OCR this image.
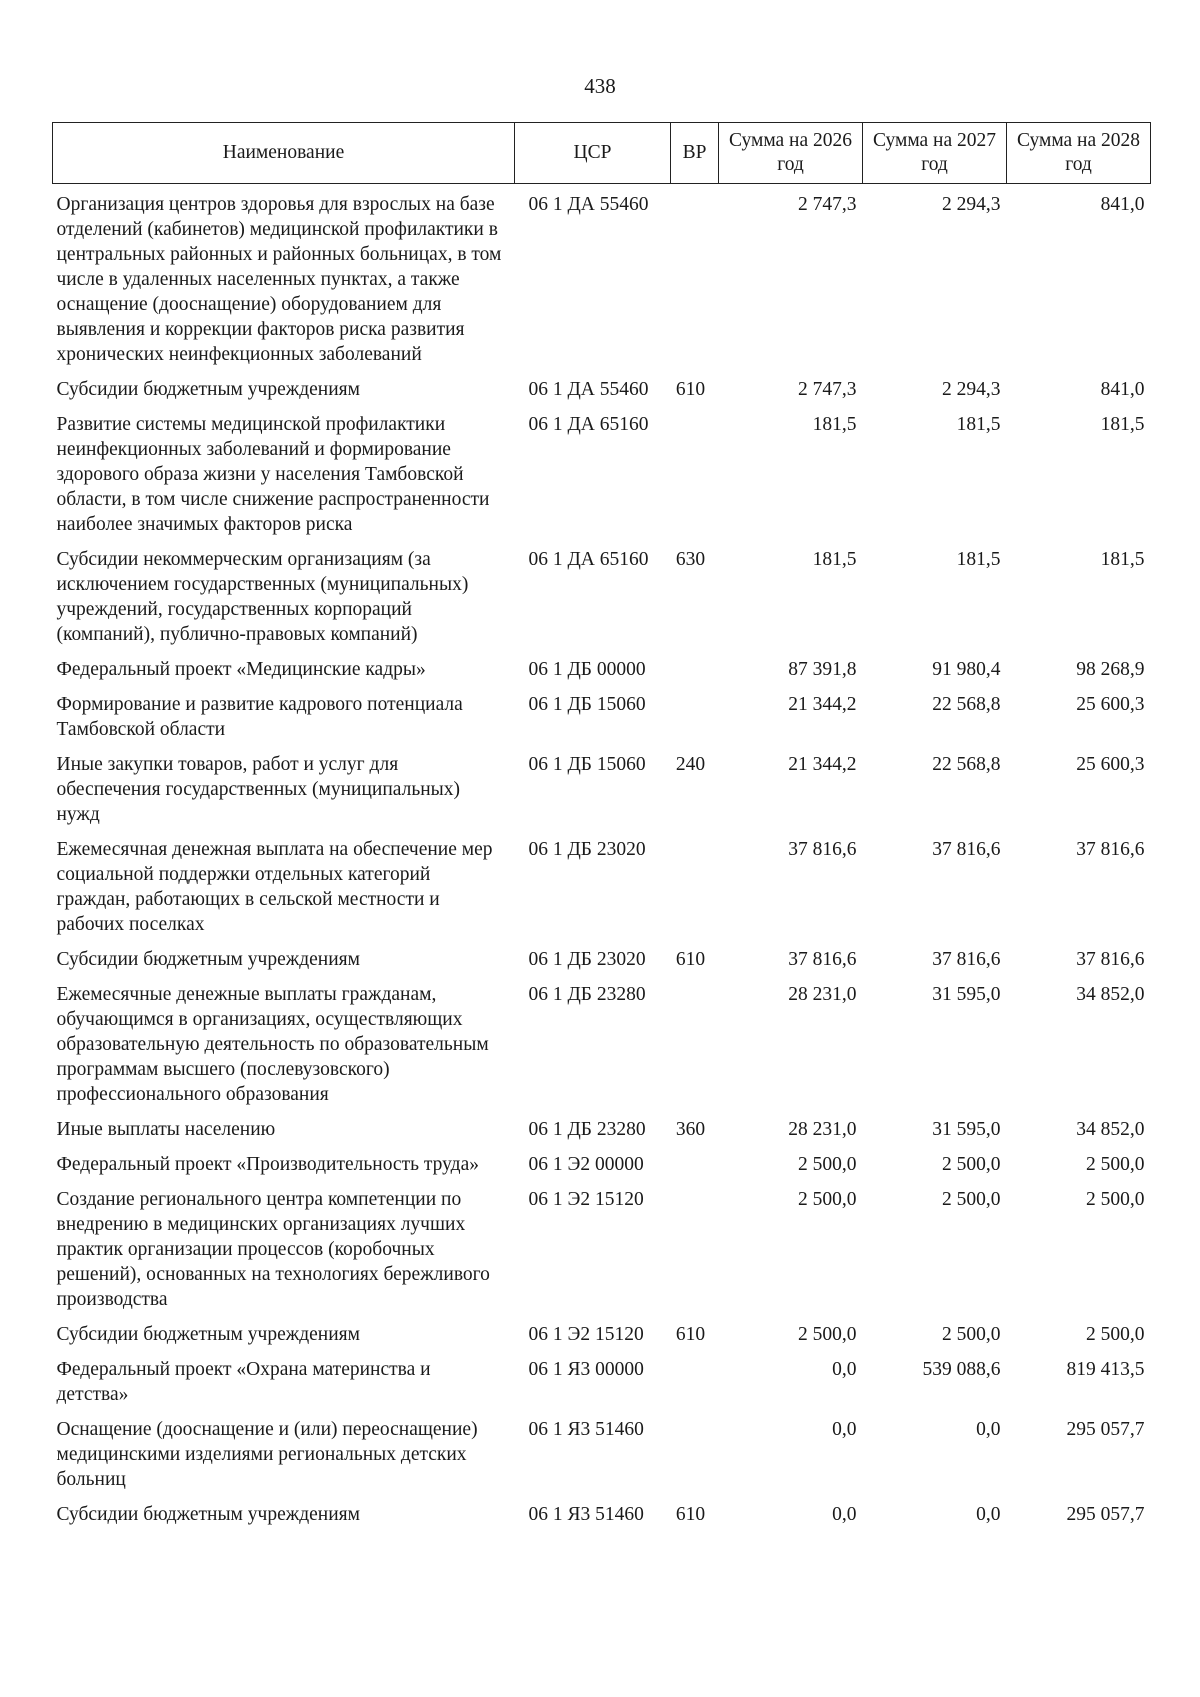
438
Наименование	ЦСР	ВР	Сумма на 2026 год	Сумма на 2027 год	Сумма на 2028 год
Организация центров здоровья для взрослых на базе отделений (кабинетов) медицинской профилактики в центральных районных и районных больницах, в том числе в удаленных населенных пунктах, а также оснащение (дооснащение) оборудованием для выявления и коррекции факторов риска развития хронических неинфекционных заболеваний	06 1 ДА 55460		2 747,3	2 294,3	841,0
Субсидии бюджетным учреждениям	06 1 ДА 55460	610	2 747,3	2 294,3	841,0
Развитие системы медицинской профилактики неинфекционных заболеваний и формирование здорового образа жизни у населения Тамбовской области, в том числе снижение распространенности наиболее значимых факторов риска	06 1 ДА 65160		181,5	181,5	181,5
Субсидии некоммерческим организациям (за исключением государственных (муниципальных) учреждений, государственных корпораций (компаний), публично-правовых компаний)	06 1 ДА 65160	630	181,5	181,5	181,5
Федеральный проект «Медицинские кадры»	06 1 ДБ 00000		87 391,8	91 980,4	98 268,9
Формирование и развитие кадрового потенциала Тамбовской области	06 1 ДБ 15060		21 344,2	22 568,8	25 600,3
Иные закупки товаров, работ и услуг для обеспечения государственных (муниципальных) нужд	06 1 ДБ 15060	240	21 344,2	22 568,8	25 600,3
Ежемесячная денежная выплата на обеспечение мер социальной поддержки отдельных категорий граждан, работающих в сельской местности и рабочих поселках	06 1 ДБ 23020		37 816,6	37 816,6	37 816,6
Субсидии бюджетным учреждениям	06 1 ДБ 23020	610	37 816,6	37 816,6	37 816,6
Ежемесячные денежные выплаты гражданам, обучающимся в организациях, осуществляющих образовательную деятельность по образовательным программам высшего (послевузовского) профессионального образования	06 1 ДБ 23280		28 231,0	31 595,0	34 852,0
Иные выплаты населению	06 1 ДБ 23280	360	28 231,0	31 595,0	34 852,0
Федеральный проект «Производительность труда»	06 1 Э2 00000		2 500,0	2 500,0	2 500,0
Создание регионального центра компетенции по внедрению в медицинских организациях лучших практик организации процессов (коробочных решений), основанных на технологиях бережливого производства	06 1 Э2 15120		2 500,0	2 500,0	2 500,0
Субсидии бюджетным учреждениям	06 1 Э2 15120	610	2 500,0	2 500,0	2 500,0
Федеральный проект «Охрана материнства и детства»	06 1 Я3 00000		0,0	539 088,6	819 413,5
Оснащение (дооснащение и (или) переоснащение) медицинскими изделиями региональных детских больниц	06 1 Я3 51460		0,0	0,0	295 057,7
Субсидии бюджетным учреждениям	06 1 Я3 51460	610	0,0	0,0	295 057,7
